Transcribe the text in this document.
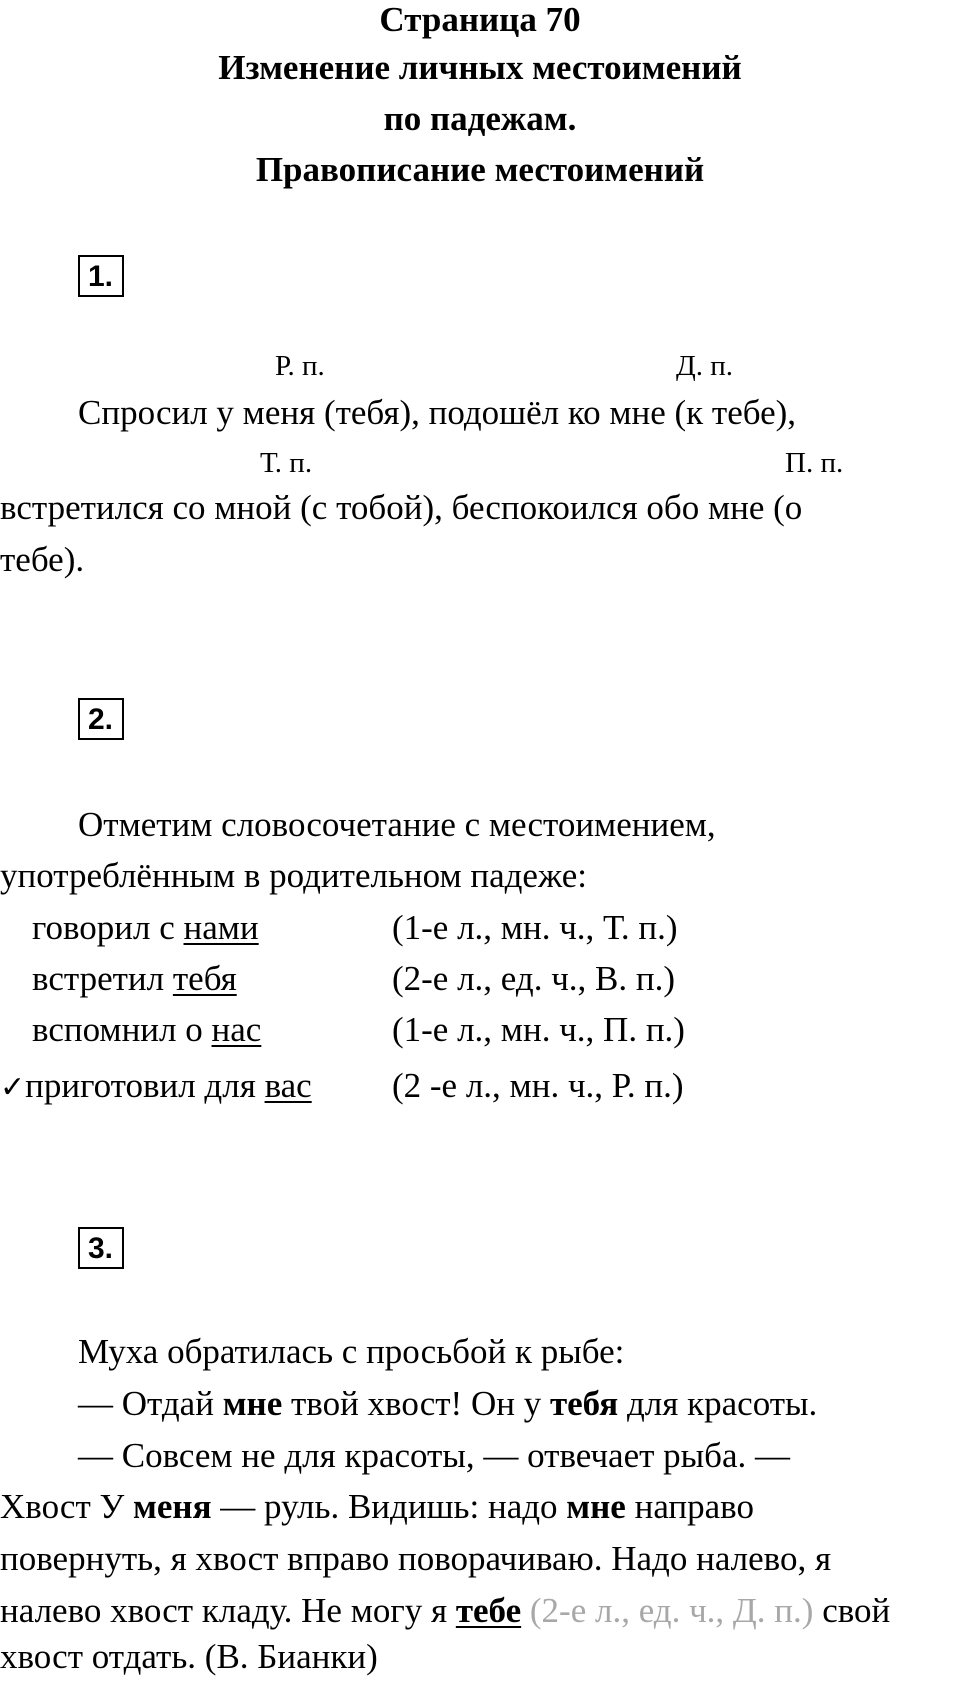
Страница 70
Изменение личных местоимений
по падежам.
Правописание местоимений
1.
Р. п.	Д. п.
Спросил у меня (тебя), подошёл ко мне (к тебе),
Т. п.	П. п.
встретился со мной (с тобой), беспокоился обо мне (о
тебе).
2.
Отметим словосочетание с местоимением,
употреблённым в родительном падеже:
говорил с нами	(1-е л., мн. ч., Т. п.)
встретил тебя	(2-е л., ед. ч., В. п.)
вспомнил о нас	(1-е л., мн. ч., П. п.)
✓приготовил для вас (2 -е л., мн. ч., Р. п.)
3.
Муха обратилась с просьбой к рыбе:
— Отдай мне твой хвост! Он у тебя для красоты.
— Совсем не для красоты, — отвечает рыба. —
Хвост У меня — руль. Видишь: надо мне направо
повернуть, я хвост вправо поворачиваю. Надо налево, я
налево хвост кладу. Не могу я тебе (2-е л., ед. ч., Д. п.) свой
хвост отдать. (В. Бианки)
